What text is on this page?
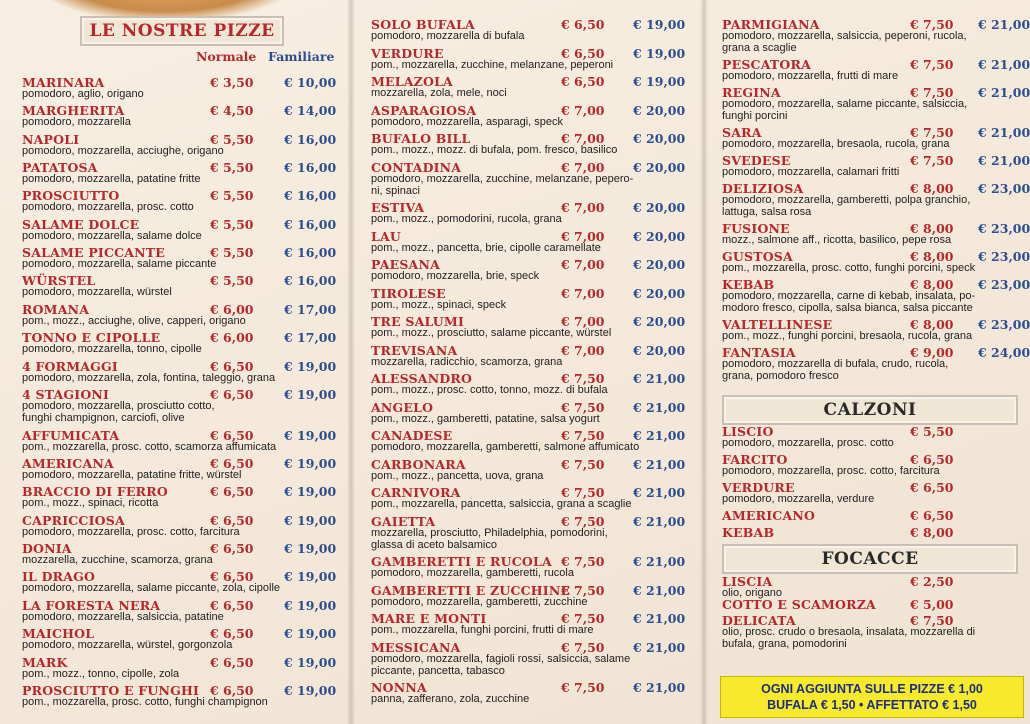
LE NOSTRE PIZZE
Normale Familiare
MARINARA	€ 3,50 € 10,00
pomodoro, aglio, origano
MARGHERITA	€ 4,50 € 14,00
pomodoro, mozzarella
NAPOLI	€ 5,50 € 16,00
pomodoro, mozzarella, acciughe, origano
PATATOSA	€ 5,50 € 16,00
pomodoro, mozzarella, patatine fritte
PROSCIUTTO	€ 5,50 € 16,00
pomodoro, mozzarella, prosc. cotto
SALAME DOLCE	€ 5,50 € 16,00
pomodoro, mozzarella, salame dolce
SALAME PICCANTE	€ 5,50 € 16,00
pomodoro, mozzarella, salame piccante
WÜRSTEL	€ 5,50 € 16,00
pomodoro, mozzarella, würstel
ROMANA	€ 6,00 € 17,00
pom., mozz., acciughe, olive, capperi, origano
TONNO E CIPOLLE	€ 6,00 € 17,00
pomodoro, mozzarella, tonno, cipolle
4 FORMAGGI	€ 6,50 € 19,00
pomodoro, mozzarella, zola, fontina, taleggio, grana
4 STAGIONI	€ 6,50 € 19,00
pomodoro, mozzarella, prosciutto cotto,
funghi champignon, carciofi, olive
AFFUMICATA	€ 6,50 € 19,00
pom., mozzarella, prosc. cotto, scamorza affumicata
AMERICANA	€ 6,50 € 19,00
pomodoro, mozzarella, patatine fritte, würstel
BRACCIO DI FERRO	€ 6,50 € 19,00
pom., mozz., spinaci, ricotta
CAPRICCIOSA	€ 6,50 € 19,00
pomodoro, mozzarella, prosc. cotto, farcitura
DONIA	€ 6,50 € 19,00
mozzarella, zucchine, scamorza, grana
IL DRAGO	€ 6,50 € 19,00
pomodoro, mozzarella, salame piccante, zola, cipolle
LA FORESTA NERA	€ 6,50 € 19,00
pomodoro, mozzarella, salsiccia, patatine
MAICHOL	€ 6,50 € 19,00
pomodoro, mozzarella, würstel, gorgonzola
MARK	€ 6,50 € 19,00
pom., mozz., tonno, cipolle, zola
PROSCIUTTO E FUNGHI € 6,50 € 19,00
pom., mozzarella, prosc. cotto, funghi champignon
SOLO BUFALA	€ 6,50 € 19,00
pomodoro, mozzarella di bufala
VERDURE	€ 6,50 € 19,00
pom., mozzarella, zucchine, melanzane, peperoni
MELAZOLA	€ 6,50 € 19,00
mozzarella, zola, mele, noci
ASPARAGIOSA	€ 7,00 € 20,00
pomodoro, mozzarella, asparagi, speck
BUFALO BILL	€ 7,00 € 20,00
pom., mozz., mozz. di bufala, pom. fresco, basilico
CONTADINA	€ 7,00 € 20,00
pomodoro, mozzarella, zucchine, melanzane, pepero-
ni, spinaci
ESTIVA	€ 7,00 € 20,00
pom., mozz., pomodorini, rucola, grana
LAU	€ 7,00 € 20,00
pom., mozz., pancetta, brie, cipolle caramellate
PAESANA	€ 7,00 € 20,00
pomodoro, mozzarella, brie, speck
TIROLESE	€ 7,00 € 20,00
pom., mozz., spinaci, speck
TRE SALUMI	€ 7,00 € 20,00
pom., mozz., prosciutto, salame piccante, würstel
TREVISANA	€ 7,00 € 20,00
mozzarella, radicchio, scamorza, grana
ALESSANDRO	€ 7,50 € 21,00
pom., mozz., prosc. cotto, tonno, mozz. di bufala
ANGELO	€ 7,50 € 21,00
pom., mozz., gamberetti, patatine, salsa yogurt
CANADESE	€ 7,50 € 21,00
pomodoro, mozzarella, gamberetti, salmone affumicato
CARBONARA	€ 7,50 € 21,00
pom., mozz., pancetta, uova, grana
CARNIVORA	€ 7,50 € 21,00
pom., mozzarella, pancetta, salsiccia, grana a scaglie
GAIETTA	€ 7,50 € 21,00
mozzarella, prosciutto, Philadelphia, pomodorini,
glassa di aceto balsamico
GAMBERETTI E RUCOLA € 7,50 € 21,00
pomodoro, mozzarella, gamberetti, rucola
GAMBERETTI E ZUCCHINE
€ 7,50 € 21,00
pomodoro, mozzarella, gamberetti, zucchine
MARE E MONTI	€ 7,50 € 21,00
pom., mozzarella, funghi porcini, frutti di mare
MESSICANA	€ 7,50 € 21,00
pomodoro, mozzarella, fagioli rossi, salsiccia, salame
piccante, pancetta, tabasco
NONNA	€ 7,50 € 21,00
panna, zafferano, zola, zucchine
PARMIGIANA	€ 7,50 € 21,00
pomodoro, mozzarella, salsiccia, peperoni, rucola,
grana a scaglie
PESCATORA	€ 7,50 € 21,00
pomodoro, mozzarella, frutti di mare
REGINA	€ 7,50 € 21,00
pomodoro, mozzarella, salame piccante, salsiccia,
funghi porcini
SARA	€ 7,50 € 21,00
pomodoro, mozzarella, bresaola, rucola, grana
SVEDESE	€ 7,50 € 21,00
pomodoro, mozzarella, calamari fritti
DELIZIOSA	€ 8,00 € 23,00
pomodoro, mozzarella, gamberetti, polpa granchio,
lattuga, salsa rosa
FUSIONE	€ 8,00 € 23,00
mozz., salmone aff., ricotta, basilico, pepe rosa
GUSTOSA	€ 8,00 € 23,00
pom., mozzarella, prosc. cotto, funghi porcini, speck
KEBAB	€ 8,00 € 23,00
pomodoro, mozzarella, carne di kebab, insalata, po-
modoro fresco, cipolla, salsa bianca, salsa piccante
VALTELLINESE	€ 8,00 € 23,00
pom., mozz., funghi porcini, bresaola, rucola, grana
FANTASIA	€ 9,00 € 24,00
pomodoro, mozzarella di bufala, crudo, rucola,
grana, pomodoro fresco
CALZONI
LISCIO	€ 5,50
pomodoro, mozzarella, prosc. cotto
FARCITO	€ 6,50
pomodoro, mozzarella, prosc. cotto, farcitura
VERDURE	€ 6,50
pomodoro, mozzarella, verdure
AMERICANO	€ 6,50
KEBAB	€ 8,00
FOCACCE
LISCIA	€ 2,50
olio, origano
COTTO E SCAMORZA	€ 5,00
DELICATA	€ 7,50
olio, prosc. crudo o bresaola, insalata, mozzarella di
bufala, grana, pomodorini
OGNI AGGIUNTA SULLE PIZZE € 1,00
BUFALA € 1,50 • AFFETTATO € 1,50
